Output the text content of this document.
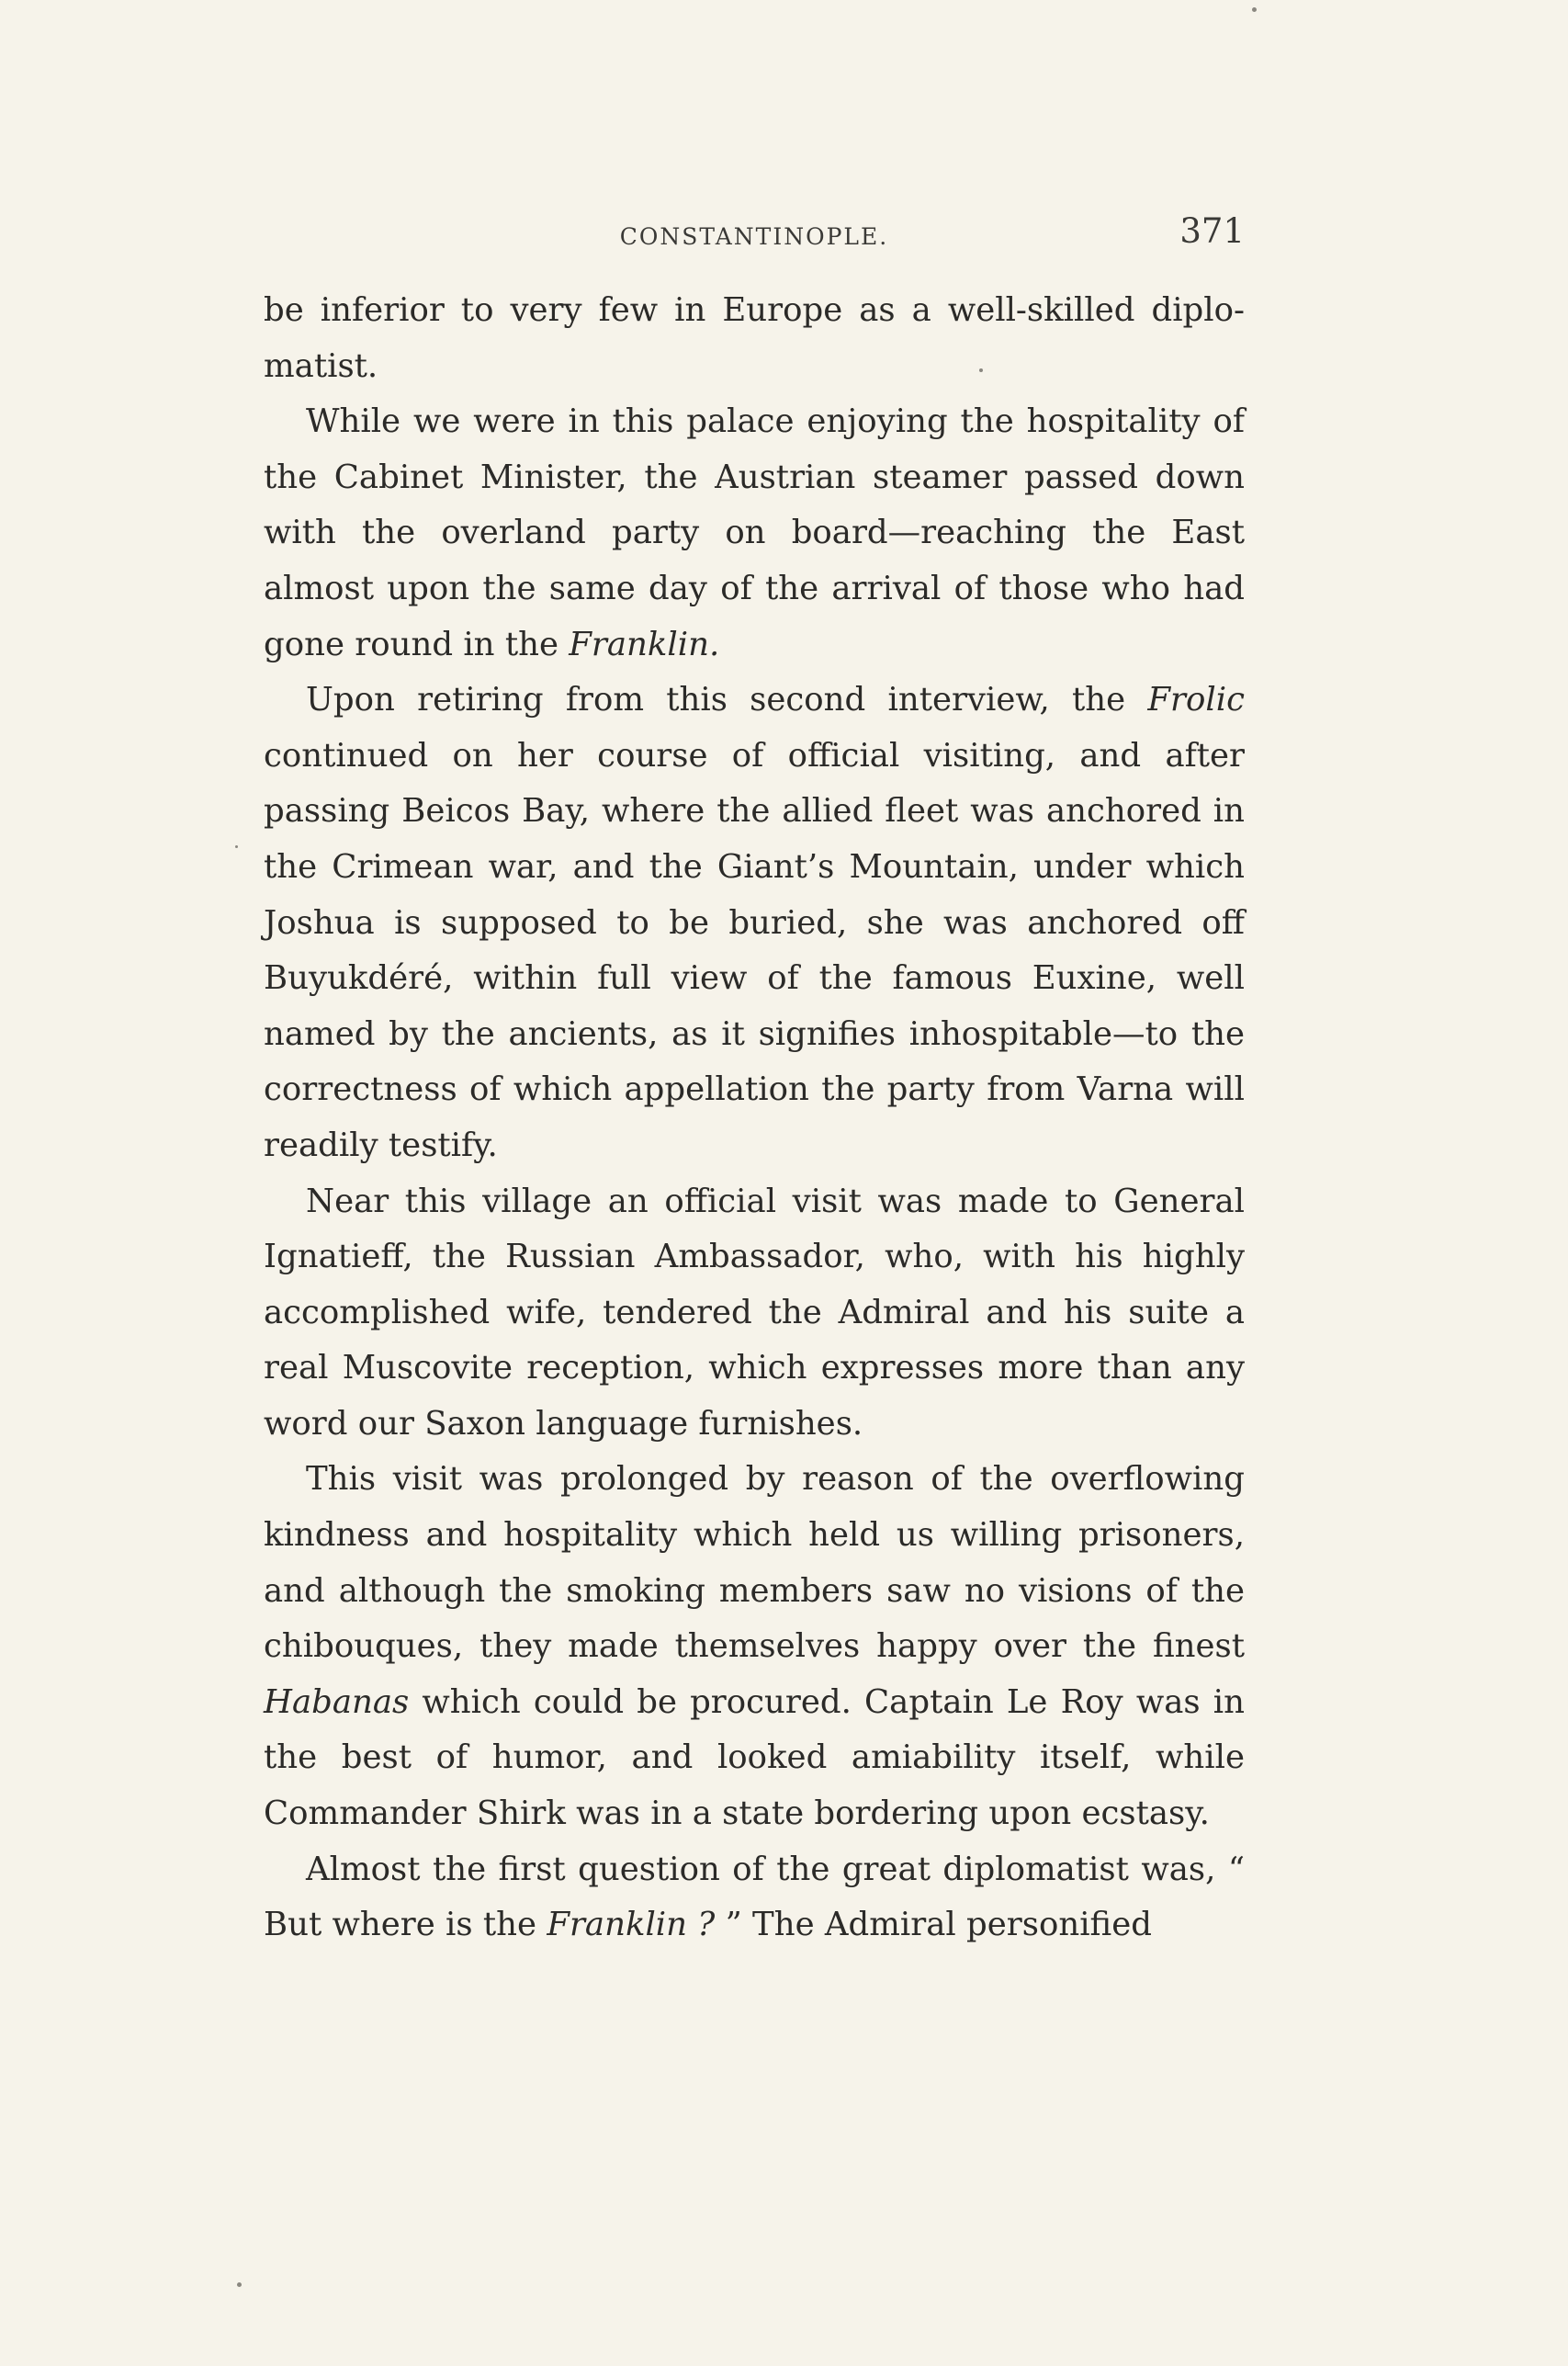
CONSTANTINOPLE.	371

be inferior to very few in Europe as a well-skilled diplo-matist.

While we were in this palace enjoying the hospitality of the Cabinet Minister, the Austrian steamer passed down with the overland party on board—reaching the East almost upon the same day of the arrival of those who had gone round in the Franklin.

Upon retiring from this second interview, the Frolic continued on her course of official visiting, and after passing Beicos Bay, where the allied fleet was anchored in the Crimean war, and the Giant’s Mountain, under which Joshua is supposed to be buried, she was anchored off Buyukdéré, within full view of the famous Euxine, well named by the ancients, as it signifies inhospitable—to the correctness of which appellation the party from Varna will readily testify.

Near this village an official visit was made to General Ignatieff, the Russian Ambassador, who, with his highly accomplished wife, tendered the Admiral and his suite a real Muscovite reception, which expresses more than any word our Saxon language furnishes.

This visit was prolonged by reason of the overflowing kindness and hospitality which held us willing prisoners, and although the smoking members saw no visions of the chibouques, they made themselves happy over the finest Habanas which could be procured. Captain Le Roy was in the best of humor, and looked amiability itself, while Commander Shirk was in a state bordering upon ecstasy.

Almost the first question of the great diplomatist was, “ But where is the Franklin ? ” The Admiral personified
